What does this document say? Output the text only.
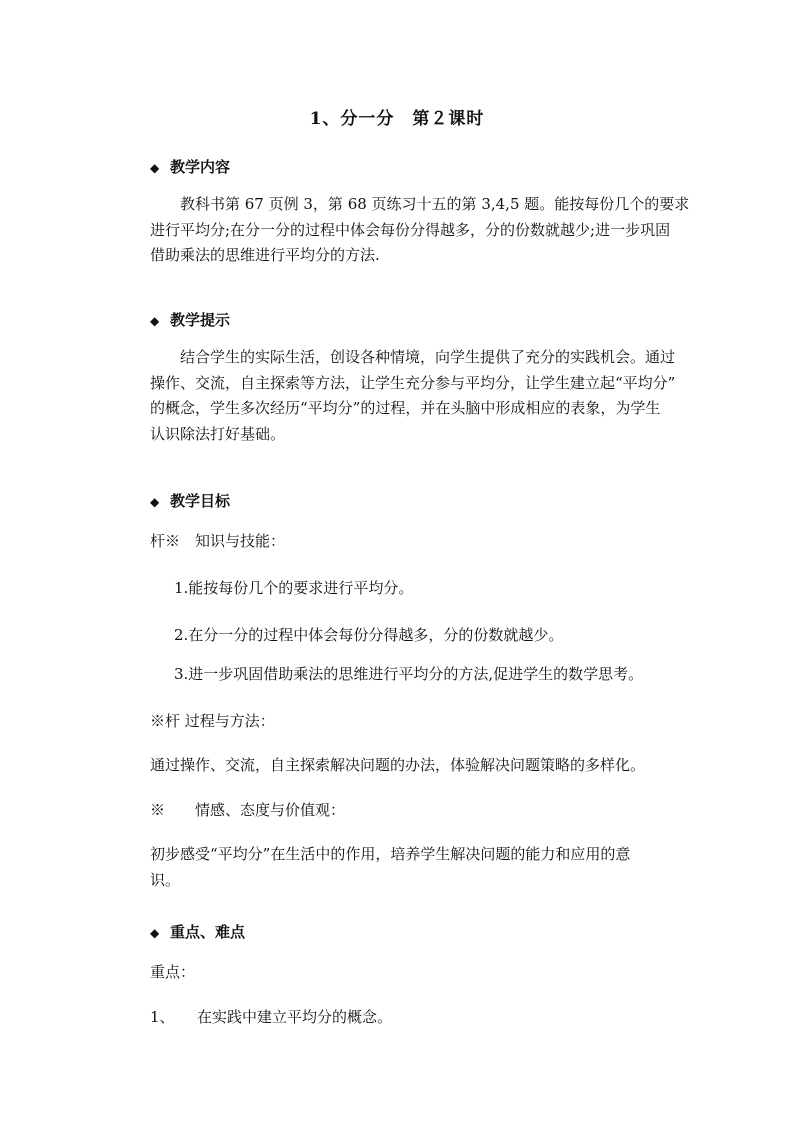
1、分一分　第２课时
◆ 教学内容

教科书第 67 页例 3，第 68 页练习十五的第 3,4,5 题。能按每份几个的要求

进行平均分;在分一分的过程中体会每份分得越多，分的份数就越少;进一步巩固

借助乘法的思维进行平均分的方法.

◆ 教学提示

结合学生的实际生活，创设各种情境，向学生提供了充分的实践机会。通过

操作、交流，自主探索等方法，让学生充分参与平均分，让学生建立起“平均分”

的概念，学生多次经历“平均分”的过程，并在头脑中形成相应的表象，为学生

认识除法打好基础。

◆ 教学目标
杆※　知识与技能：
1.能按每份几个的要求进行平均分。
2.在分一分的过程中体会每份分得越多，分的份数就越少。
3.进一步巩固借助乘法的思维进行平均分的方法,促进学生的数学思考。
※杆 过程与方法：
通过操作、交流，自主探索解决问题的办法，体验解决问题策略的多样化。
※　　情感、态度与价值观：

初步感受“平均分”在生活中的作用，培养学生解决问题的能力和应用的意

识。

◆ 重点、难点
重点：
1、　　在实践中建立平均分的概念。
